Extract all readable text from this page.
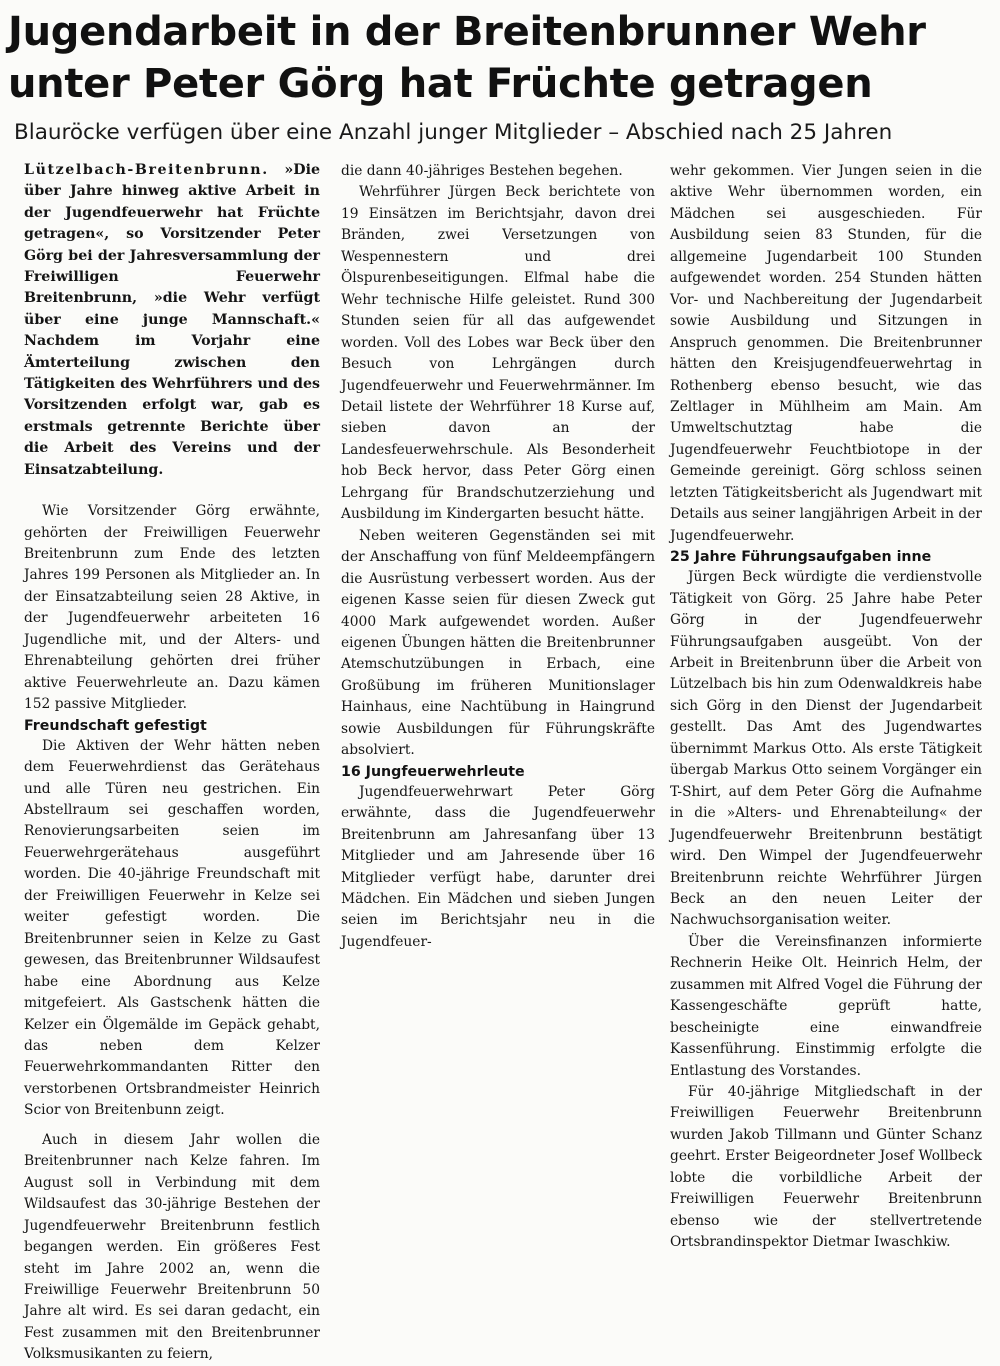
Jugendarbeit in der Breitenbrunner Wehr
unter Peter Görg hat Früchte getragen
Blauröcke verfügen über eine Anzahl junger Mitglieder – Abschied nach 25 Jahren

Lützelbach-Breitenbrunn. »Die über Jahre hinweg aktive Arbeit in der Jugendfeuerwehr hat Früchte getragen«, so Vorsitzender Peter Görg bei der Jahresversammlung der Freiwilligen Feuerwehr Breitenbrunn, »die Wehr verfügt über eine junge Mannschaft.« Nachdem im Vorjahr eine Ämterteilung zwischen den Tätigkeiten des Wehrführers und des Vorsitzenden erfolgt war, gab es erstmals getrennte Berichte über die Arbeit des Vereins und der Einsatzabteilung.

Wie Vorsitzender Görg erwähnte, gehörten der Freiwilligen Feuerwehr Breitenbrunn zum Ende des letzten Jahres 199 Personen als Mitglieder an. In der Einsatzabteilung seien 28 Aktive, in der Jugendfeuerwehr arbeiteten 16 Jugendliche mit, und der Alters- und Ehrenabteilung gehörten drei früher aktive Feuerwehrleute an. Dazu kämen 152 passive Mitglieder.

Freundschaft gefestigt

Die Aktiven der Wehr hätten neben dem Feuerwehrdienst das Gerätehaus und alle Türen neu gestrichen. Ein Abstellraum sei geschaffen worden, Renovierungsarbeiten seien im Feuerwehrgerätehaus ausgeführt worden. Die 40-jährige Freundschaft mit der Freiwilligen Feuerwehr in Kelze sei weiter gefestigt worden. Die Breitenbrunner seien in Kelze zu Gast gewesen, das Breitenbrunner Wildsaufest habe eine Abordnung aus Kelze mitgefeiert. Als Gastschenk hätten die Kelzer ein Ölgemälde im Gepäck gehabt, das neben dem Kelzer Feuerwehrkommandanten Ritter den verstorbenen Ortsbrandmeister Heinrich Scior von Breitenbunn zeigt.

Auch in diesem Jahr wollen die Breitenbrunner nach Kelze fahren. Im August soll in Verbindung mit dem Wildsaufest das 30-jährige Bestehen der Jugendfeuerwehr Breitenbrunn festlich begangen werden. Ein größeres Fest steht im Jahre 2002 an, wenn die Freiwillige Feuerwehr Breitenbrunn 50 Jahre alt wird. Es sei daran gedacht, ein Fest zusammen mit den Breitenbrunner Volksmusikanten zu feiern,

die dann 40-jähriges Bestehen begehen.

Wehrführer Jürgen Beck berichtete von 19 Einsätzen im Berichtsjahr, davon drei Bränden, zwei Versetzungen von Wespennestern und drei Ölspurenbeseitigungen. Elfmal habe die Wehr technische Hilfe geleistet. Rund 300 Stunden seien für all das aufgewendet worden. Voll des Lobes war Beck über den Besuch von Lehrgängen durch Jugendfeuerwehr und Feuerwehrmänner. Im Detail listete der Wehrführer 18 Kurse auf, sieben davon an der Landesfeuerwehrschule. Als Besonderheit hob Beck hervor, dass Peter Görg einen Lehrgang für Brandschutzerziehung und Ausbildung im Kindergarten besucht hätte.

Neben weiteren Gegenständen sei mit der Anschaffung von fünf Meldeempfängern die Ausrüstung verbessert worden. Aus der eigenen Kasse seien für diesen Zweck gut 4000 Mark aufgewendet worden. Außer eigenen Übungen hätten die Breitenbrunner Atemschutzübungen in Erbach, eine Großübung im früheren Munitionslager Hainhaus, eine Nachtübung in Haingrund sowie Ausbildungen für Führungskräfte absolviert.

16 Jungfeuerwehrleute

Jugendfeuerwehrwart Peter Görg erwähnte, dass die Jugendfeuerwehr Breitenbrunn am Jahresanfang über 13 Mitglieder und am Jahresende über 16 Mitglieder verfügt habe, darunter drei Mädchen. Ein Mädchen und sieben Jungen seien im Berichtsjahr neu in die Jugendfeuer-

wehr gekommen. Vier Jungen seien in die aktive Wehr übernommen worden, ein Mädchen sei ausgeschieden. Für Ausbildung seien 83 Stunden, für die allgemeine Jugendarbeit 100 Stunden aufgewendet worden. 254 Stunden hätten Vor- und Nachbereitung der Jugendarbeit sowie Ausbildung und Sitzungen in Anspruch genommen. Die Breitenbrunner hätten den Kreisjugendfeuerwehrtag in Rothenberg ebenso besucht, wie das Zeltlager in Mühlheim am Main. Am Umweltschutztag habe die Jugendfeuerwehr Feuchtbiotope in der Gemeinde gereinigt. Görg schloss seinen letzten Tätigkeitsbericht als Jugendwart mit Details aus seiner langjährigen Arbeit in der Jugendfeuerwehr.

25 Jahre Führungsaufgaben inne

Jürgen Beck würdigte die verdienstvolle Tätigkeit von Görg. 25 Jahre habe Peter Görg in der Jugendfeuerwehr Führungsaufgaben ausgeübt. Von der Arbeit in Breitenbrunn über die Arbeit von Lützelbach bis hin zum Odenwaldkreis habe sich Görg in den Dienst der Jugendarbeit gestellt. Das Amt des Jugendwartes übernimmt Markus Otto. Als erste Tätigkeit übergab Markus Otto seinem Vorgänger ein T-Shirt, auf dem Peter Görg die Aufnahme in die »Alters- und Ehrenabteilung« der Jugendfeuerwehr Breitenbrunn bestätigt wird. Den Wimpel der Jugendfeuerwehr Breitenbrunn reichte Wehrführer Jürgen Beck an den neuen Leiter der Nachwuchsorganisation weiter.

Über die Vereinsfinanzen informierte Rechnerin Heike Olt. Heinrich Helm, der zusammen mit Alfred Vogel die Führung der Kassengeschäfte geprüft hatte, bescheinigte eine einwandfreie Kassenführung. Einstimmig erfolgte die Entlastung des Vorstandes.

Für 40-jährige Mitgliedschaft in der Freiwilligen Feuerwehr Breitenbrunn wurden Jakob Tillmann und Günter Schanz geehrt. Erster Beigeordneter Josef Wollbeck lobte die vorbildliche Arbeit der Freiwilligen Feuerwehr Breitenbrunn ebenso wie der stellvertretende Ortsbrandinspektor Dietmar Iwaschkiw.
